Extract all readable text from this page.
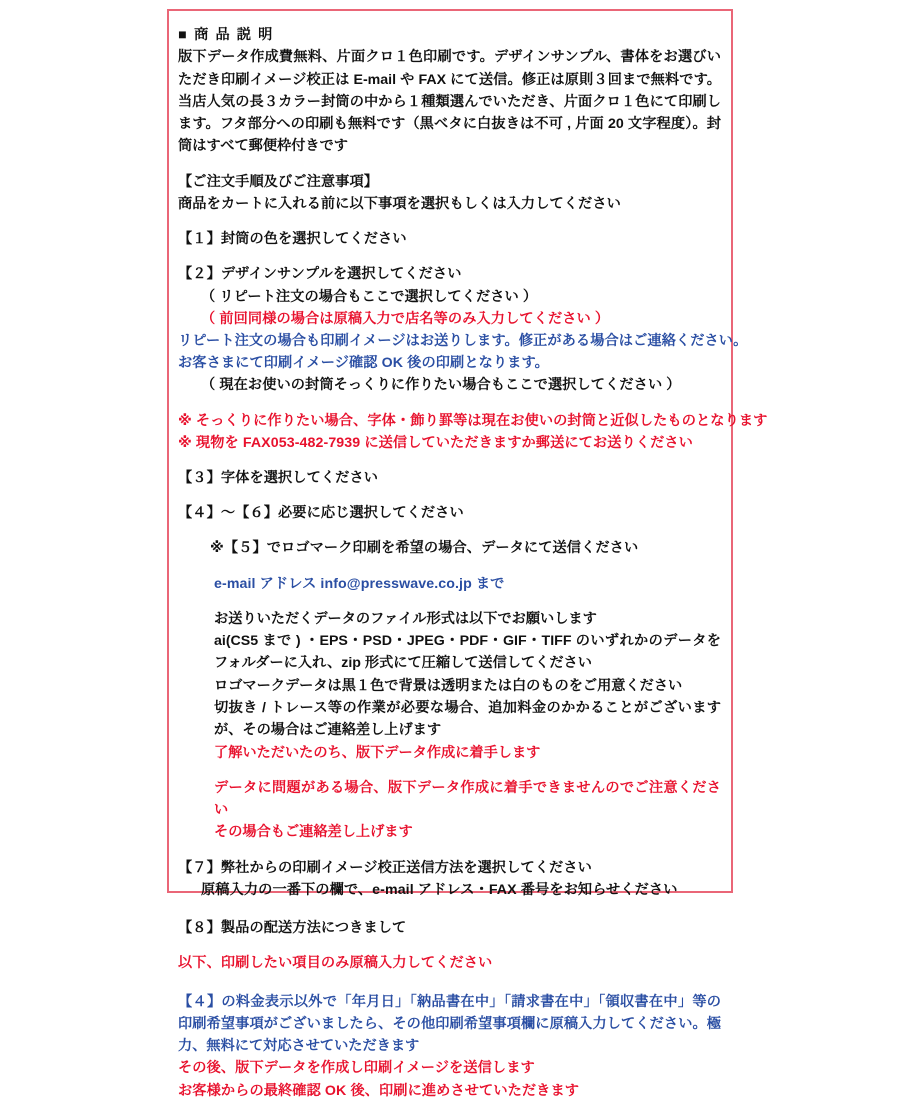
■ 商 品 説 明
版下データ作成費無料、片面クロ１色印刷です。デザインサンプル、書体をお選びいただき印刷イメージ校正は E-mail や FAX にて送信。修正は原則３回まで無料です。当店人気の長３カラー封筒の中から１種類選んでいただき、片面クロ１色にて印刷します。フタ部分への印刷も無料です（黒ベタに白抜きは不可 , 片面 20 文字程度）。封筒はすべて郵便枠付きです
【ご注文手順及びご注意事項】
商品をカートに入れる前に以下事項を選択もしくは入力してください
【１】封筒の色を選択してください
【２】デザインサンプルを選択してください
（ リピート注文の場合もここで選択してください ）
（ 前回同様の場合は原稿入力で店名等のみ入力してください ）
リピート注文の場合も印刷イメージはお送りします。修正がある場合はご連絡ください。
お客さまにて印刷イメージ確認 OK 後の印刷となります。
（ 現在お使いの封筒そっくりに作りたい場合もここで選択してください ）
※ そっくりに作りたい場合、字体・飾り罫等は現在お使いの封筒と近似したものとなります
※ 現物を FAX053-482-7939 に送信していただきますか郵送にてお送りください
【３】字体を選択してください
【４】〜【６】必要に応じ選択してください
※【５】でロゴマーク印刷を希望の場合、データにて送信ください
e-mail アドレス info@presswave.co.jp まで
お送りいただくデータのファイル形式は以下でお願いします
ai(CS5 まで ) ・EPS・PSD・JPEG・PDF・GIF・TIFF のいずれかのデータをフォルダーに入れ、zip 形式にて圧縮して送信してください
ロゴマークデータは黒１色で背景は透明または白のものをご用意ください
切抜き / トレース等の作業が必要な場合、追加料金のかかることがございますが、その場合はご連絡差し上げます
了解いただいたのち、版下データ作成に着手します
データに問題がある場合、版下データ作成に着手できませんのでご注意ください
その場合もご連絡差し上げます
【７】弊社からの印刷イメージ校正送信方法を選択してください
原稿入力の一番下の欄で、e-mail アドレス・FAX 番号をお知らせください
【８】製品の配送方法につきまして
以下、印刷したい項目のみ原稿入力してください
【４】の料金表示以外で「年月日」「納品書在中」「請求書在中」「領収書在中」等の印刷希望事項がございましたら、その他印刷希望事項欄に原稿入力してください。極力、無料にて対応させていただきます
その後、版下データを作成し印刷イメージを送信します
お客様からの最終確認 OK 後、印刷に進めさせていただきます
